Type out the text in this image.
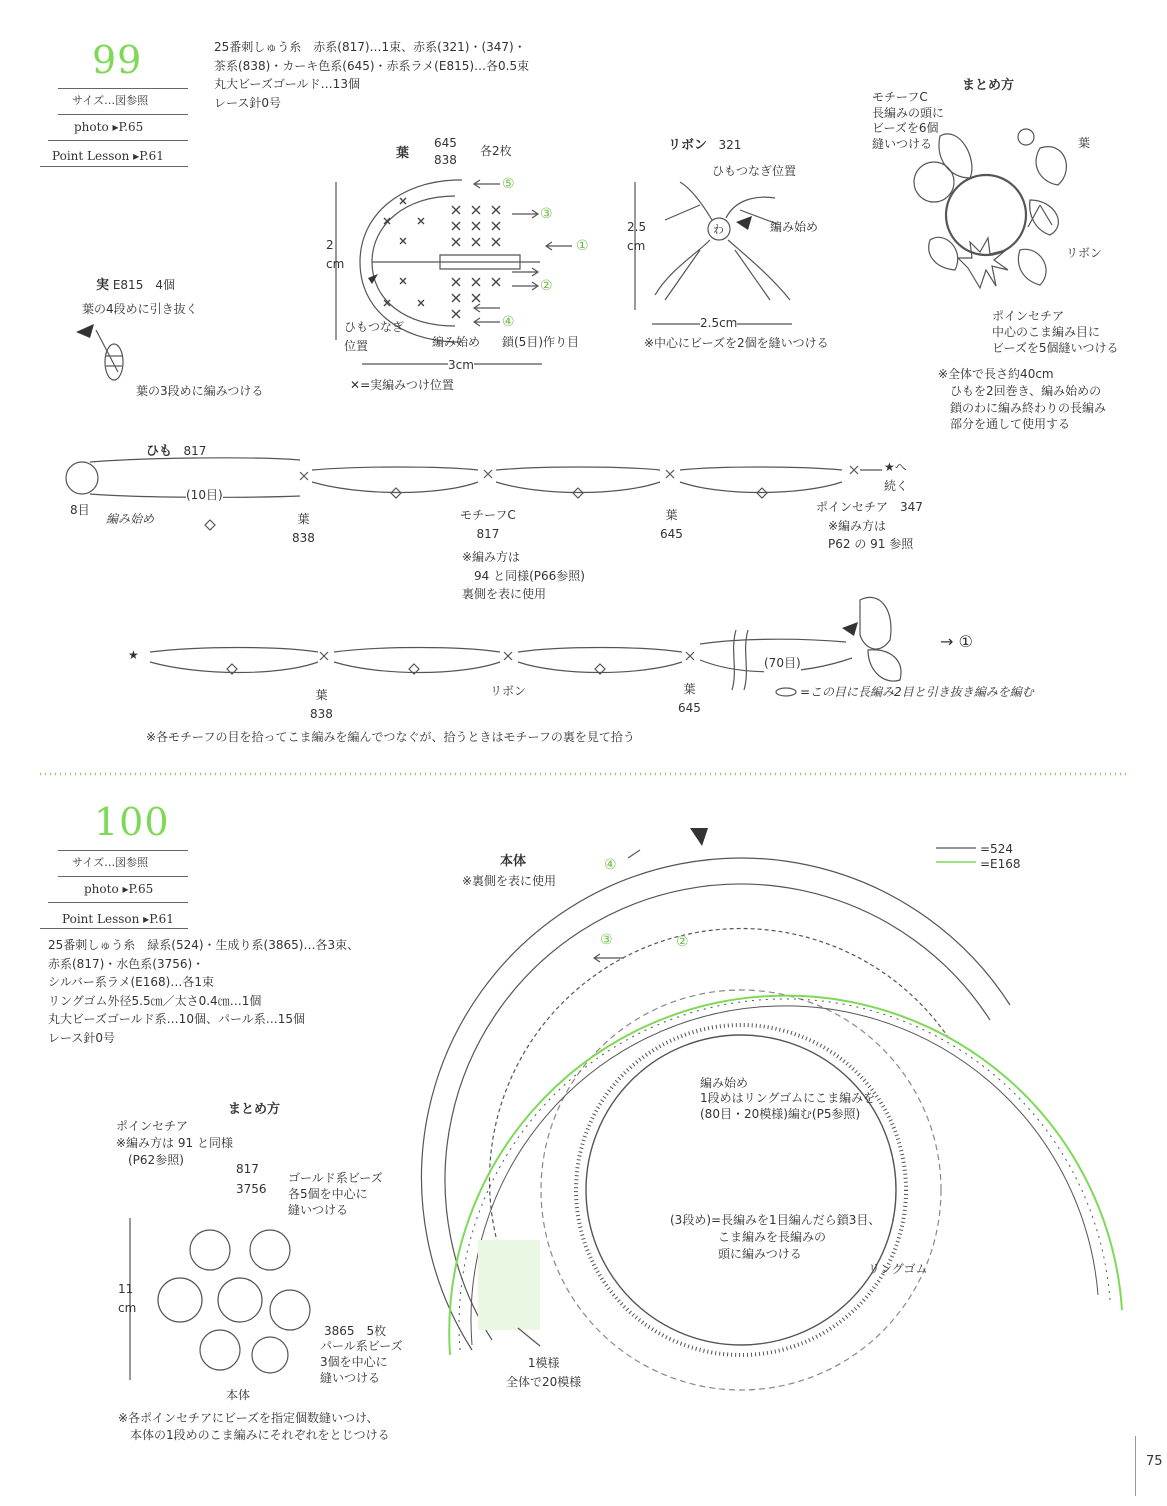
99
サイズ…図参照
photo ▸P.65
Point Lesson ▸P.61
25番刺しゅう糸　赤系(817)…1束、赤系(321)・(347)・
茶系(838)・カーキ色系(645)・赤系ラメ(E815)…各0.5束
丸大ビーズゴールド…13個
レース針0号
葉
645
838
各2枚
2
cm
3cm
ひもつなぎ
位置	編み始め 鎖(5目)作り目
⑤
③
①
②
④
✕=実編みつけ位置
実 E815　4個
葉の4段めに引き抜く
葉の3段めに編みつける
リボン 321
ひもつなぎ位置
編み始め
わ
2.5
cm
2.5cm
※中心にビーズを2個を縫いつける
まとめ方
モチーフC
長編みの頭に
ビーズを6個
縫いつける	葉
リボン
ポインセチア
中心のこま編み目に
ビーズを5個縫いつける
※全体で長さ約40cm
　ひもを2回巻き、編み始めの
　鎖のわに編み終わりの長編み
　部分を通して使用する
ひも 817
(10目)
8目
編み始め	葉
838
モチーフC
817
葉
645
ポインセチア　347
　※編み方は
　P62 の 91 参照
★へ
続く
※編み方は
　94 と同様(P66参照)
裏側を表に使用
★
葉
838
リボン	葉
645
(70目)
=この目に長編み2目と引き抜き編みを編む
→ ①
※各モチーフの目を拾ってこま編みを編んでつなぐが、拾うときはモチーフの裏を見て拾う
100
サイズ…図参照
photo ▸P.65
Point Lesson ▸P.61
25番刺しゅう糸　緑系(524)・生成り系(3865)…各3束、
赤系(817)・水色系(3756)・
シルバー系ラメ(E168)…各1束
リングゴム外径5.5㎝／太さ0.4㎝…1個
丸大ビーズゴールド系…10個、パール系…15個
レース針0号
まとめ方
ポインセチア
※編み方は 91 と同様
　(P62参照)
817
3756
ゴールド系ビーズ
各5個を中心に
縫いつける
11
cm
3865　5枚
パール系ビーズ
3個を中心に
縫いつける
本体
※各ポインセチアにビーズを指定個数縫いつけ、
　本体の1段めのこま編みにそれぞれをとじつける
本体
※裏側を表に使用
=524
=E168
④
③	②
編み始め
1段めはリングゴムにこま編みを
(80目・20模様)編む(P5参照)
(3段め)=長編みを1目編んだら鎖3目、
　　　　こま編みを長編みの
　　　　頭に編みつける
リングゴム
1模様
全体で20模様
75
